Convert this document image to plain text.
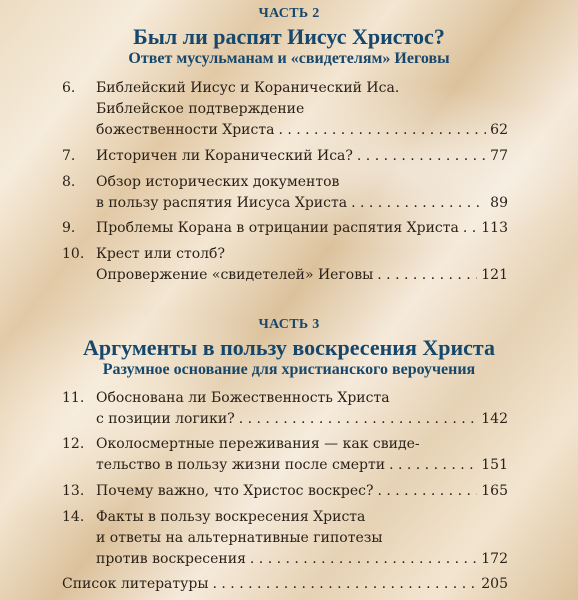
ЧАСТЬ 2
Был ли распят Иисус Христос?
Ответ мусульманам и «свидетелям» Иеговы
6. Библейский Иисус и Коранический Иса.
Библейское подтверждение
божественности Христа . . .	62
7. Историчен ли Коранический Иса? . . .	77
8. Обзор исторических документов
в пользу распятия Иисуса Христа . . .	89
9. Проблемы Корана в отрицании распятия Христа . . . 113
10. Крест или столб?
Опровержение «свидетелей» Иеговы . . .	121
ЧАСТЬ 3
Аргументы в пользу воскресения Христа
Разумное основание для христианского вероучения
11. Обоснована ли Божественность Христа
с позиции логики? . . .	142
12. Околосмертные переживания — как свиде-
тельство в пользу жизни после смерти . . .	151
13. Почему важно, что Христос воскрес? . . .	165
14. Факты в пользу воскресения Христа
и ответы на альтернативные гипотезы
против воскресения . . .	172
Список литературы . . .	205
